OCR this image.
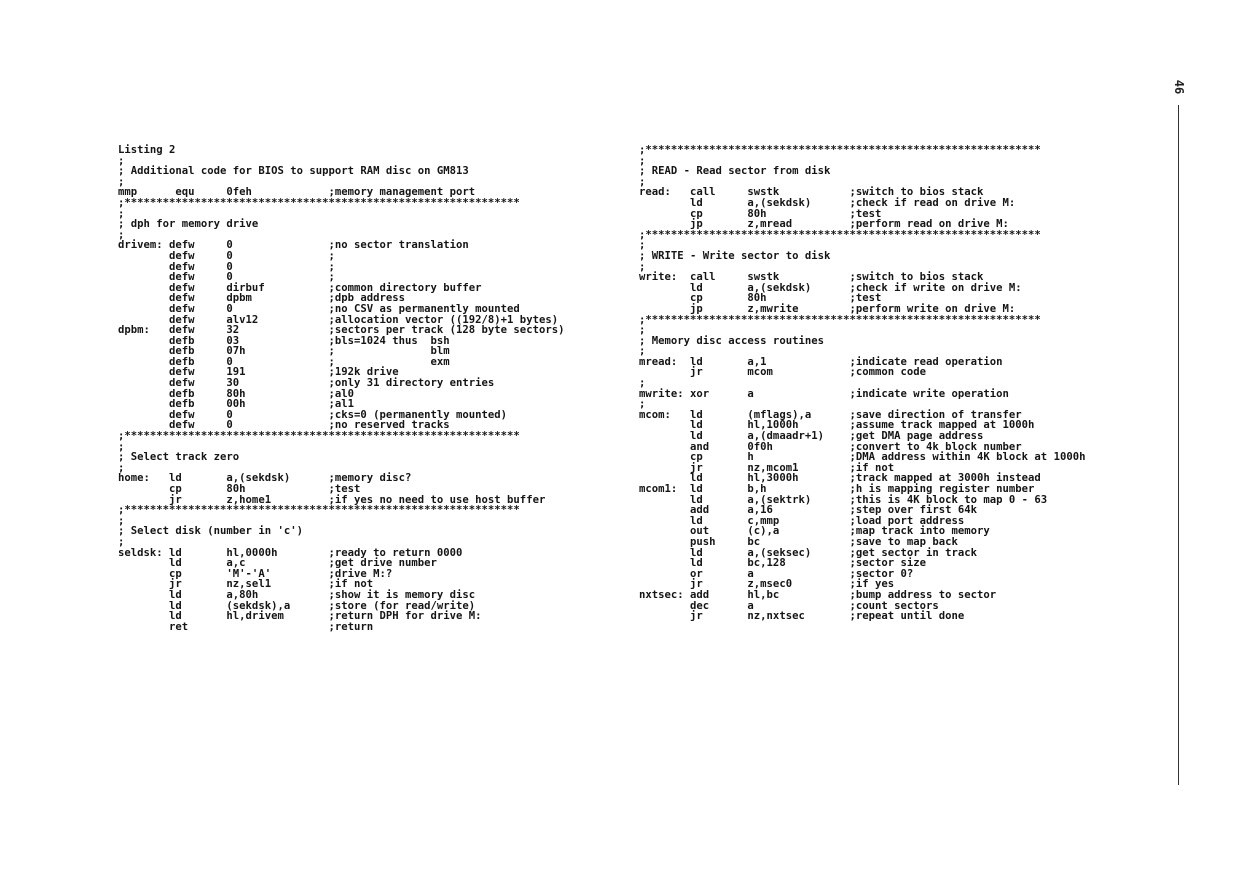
46
Listing 2
;
; Additional code for BIOS to support RAM disc on GM813
;
mmp      equ     0feh            ;memory management port
;**************************************************************
;
; dph for memory drive
;
drivem: defw     0               ;no sector translation
defw     0               ;
defw     0               ;
defw     0               ;
defw     dirbuf          ;common directory buffer
defw     dpbm            ;dpb address
defw     0               ;no CSV as permanently mounted
defw     alv12           ;allocation vector ((192/8)+1 bytes)
dpbm:   defw     32              ;sectors per track (128 byte sectors)
defb     03              ;bls=1024 thus  bsh
defb     07h             ;               blm
defb     0               ;               exm
defw     191             ;192k drive
defw     30              ;only 31 directory entries
defb     80h             ;al0
defb     00h             ;al1
defw     0               ;cks=0 (permanently mounted)
defw     0               ;no reserved tracks
;**************************************************************
;
; Select track zero
;
home:   ld       a,(sekdsk)      ;memory disc?
cp       80h             ;test
jr       z,home1         ;if yes no need to use host buffer
;**************************************************************
;
; Select disk (number in 'c')
;
seldsk: ld       hl,0000h        ;ready to return 0000
ld       a,c             ;get drive number
cp       'M'-'A'         ;drive M:?
jr       nz,sel1         ;if not
ld       a,80h           ;show it is memory disc
ld       (sekdsk),a      ;store (for read/write)
ld       hl,drivem       ;return DPH for drive M:
ret                      ;return
;**************************************************************
;
; READ - Read sector from disk
;
read:   call     swstk           ;switch to bios stack
ld       a,(sekdsk)      ;check if read on drive M:
cp       80h             ;test
jp       z,mread         ;perform read on drive M:
;**************************************************************
;
; WRITE - Write sector to disk
;
write:  call     swstk           ;switch to bios stack
ld       a,(sekdsk)      ;check if write on drive M:
cp       80h             ;test
jp       z,mwrite        ;perform write on drive M:
;**************************************************************
;
; Memory disc access routines
;
mread:  ld       a,1             ;indicate read operation
jr       mcom            ;common code
;
mwrite: xor      a               ;indicate write operation
;
mcom:   ld       (mflags),a      ;save direction of transfer
ld       hl,1000h        ;assume track mapped at 1000h
ld       a,(dmaadr+1)    ;get DMA page address
and      0f0h            ;convert to 4k block number
cp       h               ;DMA address within 4K block at 1000h
jr       nz,mcom1        ;if not
ld       hl,3000h        ;track mapped at 3000h instead
mcom1:  ld       b,h             ;h is mapping register number
ld       a,(sektrk)      ;this is 4K block to map 0 - 63
add      a,16            ;step over first 64k
ld       c,mmp           ;load port address
out      (c),a           ;map track into memory
push     bc              ;save to map back
ld       a,(seksec)      ;get sector in track
ld       bc,128          ;sector size
or       a               ;sector 0?
jr       z,msec0         ;if yes
nxtsec: add      hl,bc           ;bump address to sector
dec      a               ;count sectors
jr       nz,nxtsec       ;repeat until done
